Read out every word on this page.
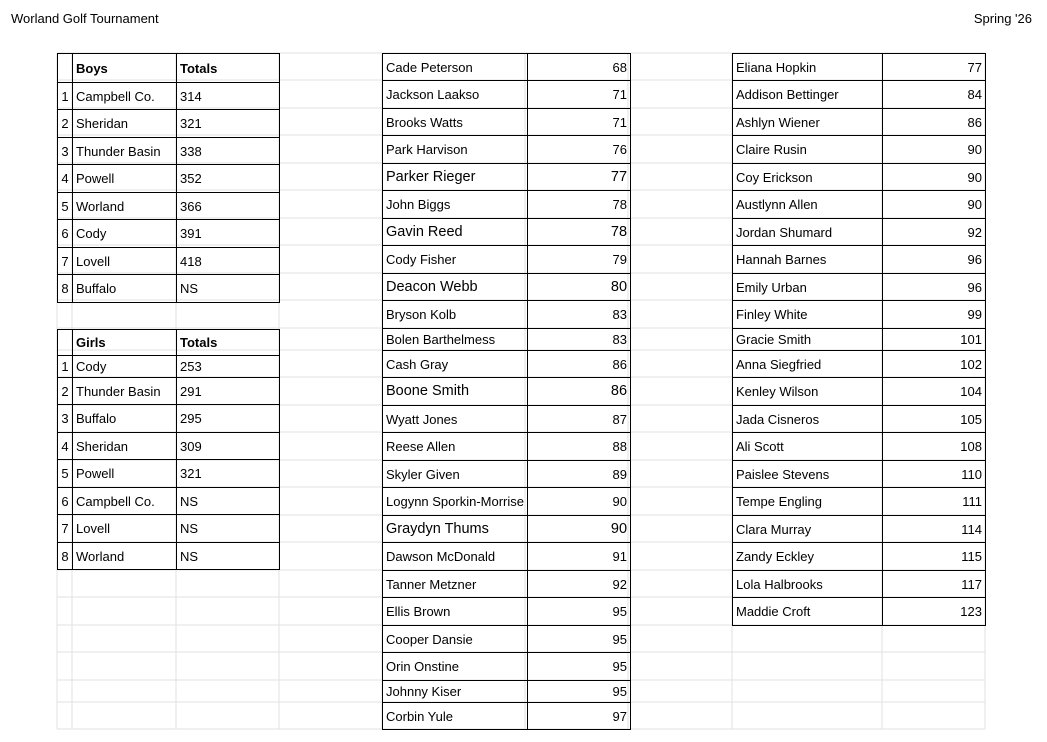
Worland Golf Tournament	Spring '26
	Boys	Totals
1	Campbell Co.	314
2	Sheridan	321
3	Thunder Basin	338
4	Powell	352
5	Worland	366
6	Cody	391
7	Lovell	418
8	Buffalo	NS
	Girls	Totals
1	Cody	253
2	Thunder Basin	291
3	Buffalo	295
4	Sheridan	309
5	Powell	321
6	Campbell Co.	NS
7	Lovell	NS
8	Worland	NS
Cade Peterson	68
Jackson Laakso	71
Brooks Watts	71
Park Harvison	76
Parker Rieger	77
John Biggs	78
Gavin Reed	78
Cody Fisher	79
Deacon Webb	80
Bryson Kolb	83
Bolen Barthelmess	83
Cash Gray	86
Boone Smith	86
Wyatt Jones	87
Reese Allen	88
Skyler Given	89
Logynn Sporkin-Morrise	90
Graydyn Thums	90
Dawson McDonald	91
Tanner Metzner	92
Ellis Brown	95
Cooper Dansie	95
Orin Onstine	95
Johnny Kiser	95
Corbin Yule	97
Eliana Hopkin	77
Addison Bettinger	84
Ashlyn Wiener	86
Claire Rusin	90
Coy Erickson	90
Austlynn Allen	90
Jordan Shumard	92
Hannah Barnes	96
Emily Urban	96
Finley White	99
Gracie Smith	101
Anna Siegfried	102
Kenley Wilson	104
Jada Cisneros	105
Ali Scott	108
Paislee Stevens	110
Tempe Engling	111
Clara Murray	114
Zandy Eckley	115
Lola Halbrooks	117
Maddie Croft	123
